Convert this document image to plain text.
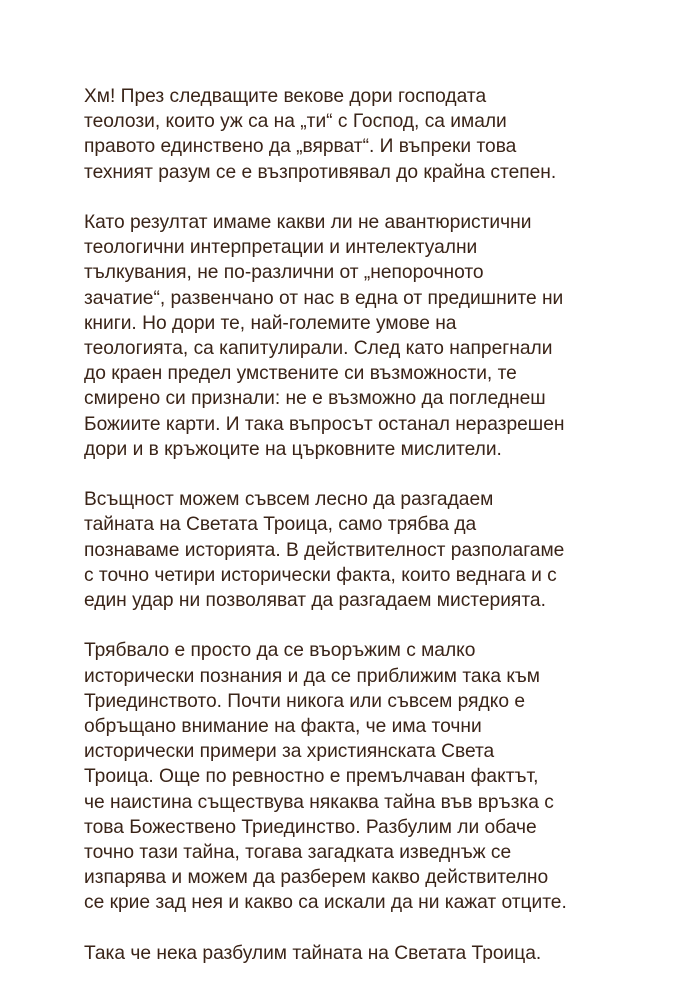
Хм! През следващите векове дори господата
теолози, които уж са на „ти“ с Господ, са имали
правото единствено да „вярват“. И въпреки това
техният разум се е възпротивявал до крайна степен.

Като резултат имаме какви ли не авантюристични
теологични интерпретации и интелектуални
тълкувания, не по-различни от „непорочното
зачатие“, развенчано от нас в една от предишните ни
книги. Но дори те, най-големите умове на
теологията, са капитулирали. След като напрегнали
до краен предел умствените си възможности, те
смирено си признали: не е възможно да погледнеш
Божиите карти. И така въпросът останал неразрешен
дори и в кръжоците на църковните мислители.

Всъщност можем съвсем лесно да разгадаем
тайната на Светата Троица, само трябва да
познаваме историята. В действителност разполагаме
с точно четири исторически факта, които веднага и с
един удар ни позволяват да разгадаем мистерията.

Трябвало е просто да се въоръжим с малко
исторически познания и да се приближим така към
Триединството. Почти никога или съвсем рядко е
обръщано внимание на факта, че има точни
исторически примери за християнската Света
Троица. Още по ревностно е премълчаван фактът,
че наистина съществува някаква тайна във връзка с
това Божествено Триединство. Разбулим ли обаче
точно тази тайна, тогава загадката изведнъж се
изпарява и можем да разберем какво действително
се крие зад нея и какво са искали да ни кажат отците.

Така че нека разбулим тайната на Светата Троица.
